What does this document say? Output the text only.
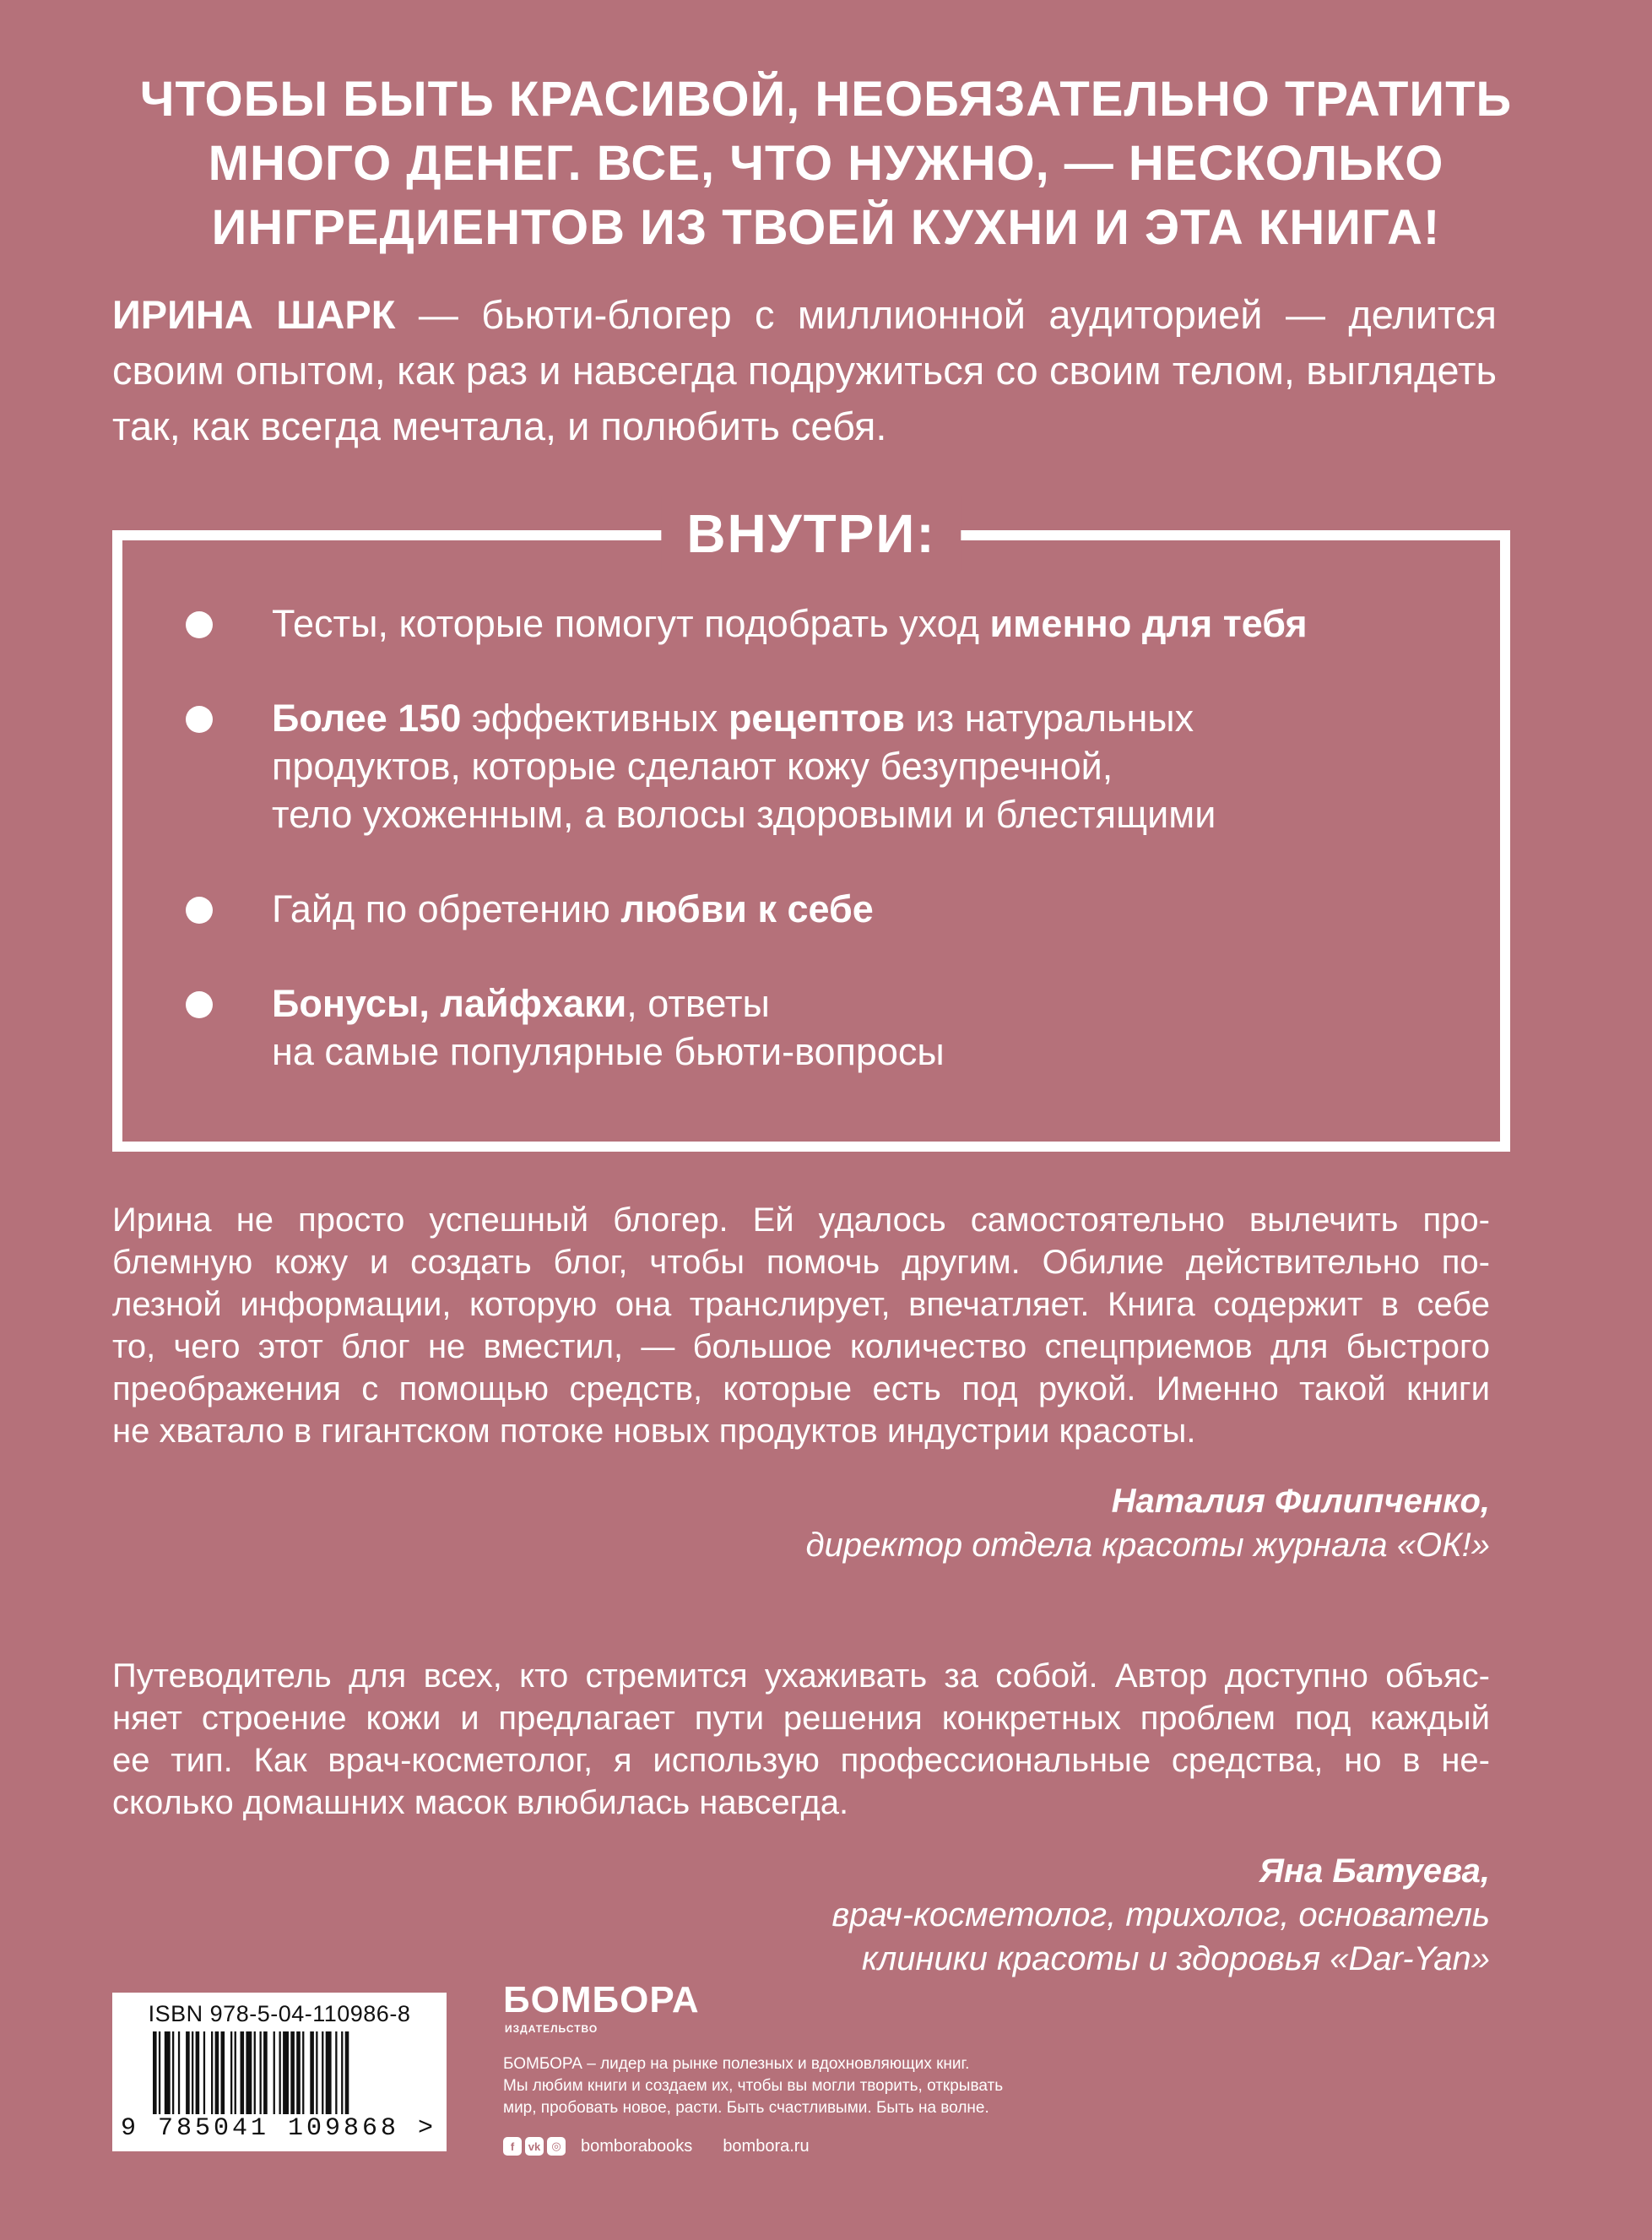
ЧТОБЫ БЫТЬ КРАСИВОЙ, НЕОБЯЗАТЕЛЬНО ТРАТИТЬ
МНОГО ДЕНЕГ. ВСЕ, ЧТО НУЖНО, — НЕСКОЛЬКО
ИНГРЕДИЕНТОВ ИЗ ТВОЕЙ КУХНИ И ЭТА КНИГА!
ИРИНА ШАРК — бьюти-блогер с миллионной аудиторией — делится своим опытом, как раз и навсегда подружиться со своим телом, выглядеть так, как всегда мечтала, и полюбить себя.
ВНУТРИ:
Тесты, которые помогут подобрать уход именно для тебя
Более 150 эффективных рецептов из натуральных
продуктов, которые сделают кожу безупречной,
тело ухоженным, а волосы здоровыми и блестящими
Гайд по обретению любви к себе
Бонусы, лайфхаки, ответы
на самые популярные бьюти-вопросы
Ирина не просто успешный блогер. Ей удалось самостоятельно вылечить про-
блемную кожу и создать блог, чтобы помочь другим. Обилие действительно по-
лезной информации, которую она транслирует, впечатляет. Книга содержит в себе
то, чего этот блог не вместил, — большое количество спецприемов для быстрого
преображения с помощью средств, которые есть под рукой. Именно такой книги
не хватало в гигантском потоке новых продуктов индустрии красоты.
Наталия Филипченко,
директор отдела красоты журнала «ОК!»
Путеводитель для всех, кто стремится ухаживать за собой. Автор доступно объяс-
няет строение кожи и предлагает пути решения конкретных проблем под каждый
ее тип. Как врач-косметолог, я использую профессиональные средства, но в не-
сколько домашних масок влюбилась навсегда.
Яна Батуева,
врач-косметолог, трихолог, основатель
клиники красоты и здоровья «Dar-Yan»
ISBN 978-5-04-110986-8
9 785041 109868 >
БОМБОРА
ИЗДАТЕЛЬСТВО
БОМБОРА – лидер на рынке полезных и вдохновляющих книг.
Мы любим книги и создаем их, чтобы вы могли творить, открывать
мир, пробовать новое, расти. Быть счастливыми. Быть на волне.
f	vk	◎ bomborabooks bombora.ru
